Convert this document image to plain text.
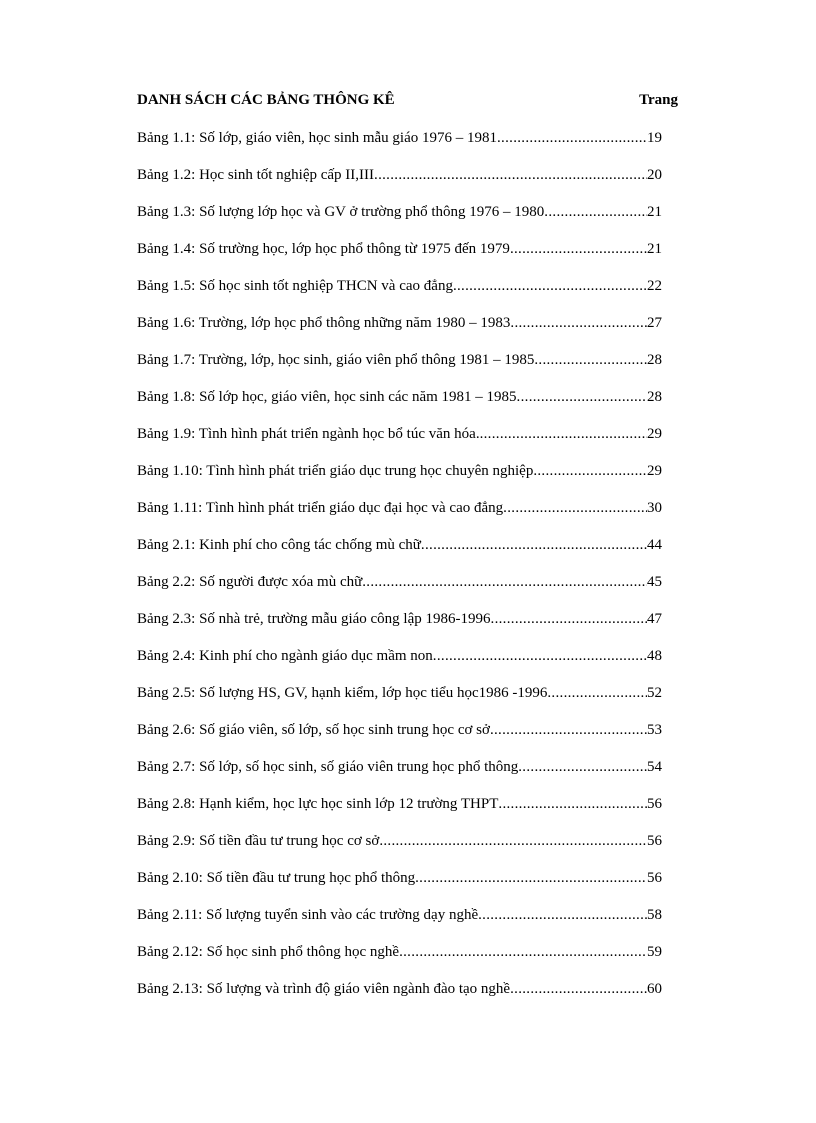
DANH SÁCH CÁC BẢNG THÔNG KÊ	Trang
Bảng 1.1: Số lớp, giáo viên, học sinh mẫu giáo 1976 – 1981 .....	19
Bảng 1.2: Học sinh tốt nghiệp cấp II,III .....	20
Bảng 1.3: Số lượng lớp học và GV ở trường phổ thông 1976 – 1980 .....	21
Bảng 1.4: Số trường học, lớp học phổ thông từ 1975 đến 1979 .....	21
Bảng 1.5: Số học sinh tốt nghiệp THCN và cao đẳng .....	22
Bảng 1.6: Trường, lớp học phổ thông những năm 1980 – 1983 .....	27
Bảng 1.7: Trường, lớp, học sinh, giáo viên phổ thông 1981 – 1985 .....	28
Bảng 1.8: Số lớp học, giáo viên, học sinh các năm 1981 – 1985 .....	28
Bảng 1.9: Tình hình phát triển ngành học bổ túc văn hóa. .....	29
Bảng 1.10: Tình hình phát triển giáo dục trung học chuyên nghiệp .....	29
Bảng 1.11: Tình hình phát triển giáo dục đại học và cao đẳng .....	30
Bảng 2.1: Kinh phí cho công tác chống mù chữ .....	44
Bảng 2.2: Số người được xóa mù chữ .....	45
Bảng 2.3: Số nhà trẻ, trường mẫu giáo công lập 1986-1996 .....	47
Bảng 2.4: Kinh phí cho ngành giáo dục mầm non .....	48
Bảng 2.5: Số lượng HS, GV, hạnh kiểm, lớp học tiểu học1986 -1996 .....	52
Bảng 2.6: Số giáo viên, số lớp, số học sinh trung học cơ sở .....	53
Bảng 2.7: Số lớp, số học sinh, số giáo viên trung học phổ thông .....	54
Bảng 2.8: Hạnh kiểm, học lực học sinh lớp 12 trường THPT .....	56
Bảng 2.9: Số tiền đầu tư trung học cơ sở .....	56
Bảng 2.10: Số tiền đầu tư trung học phổ thông .....	56
Bảng 2.11: Số lượng tuyển sinh vào các trường dạy nghề .....	58
Bảng 2.12: Số học sinh phổ thông học nghề .....	59
Bảng 2.13: Số lượng và trình độ giáo viên ngành đào tạo nghề .....	60
